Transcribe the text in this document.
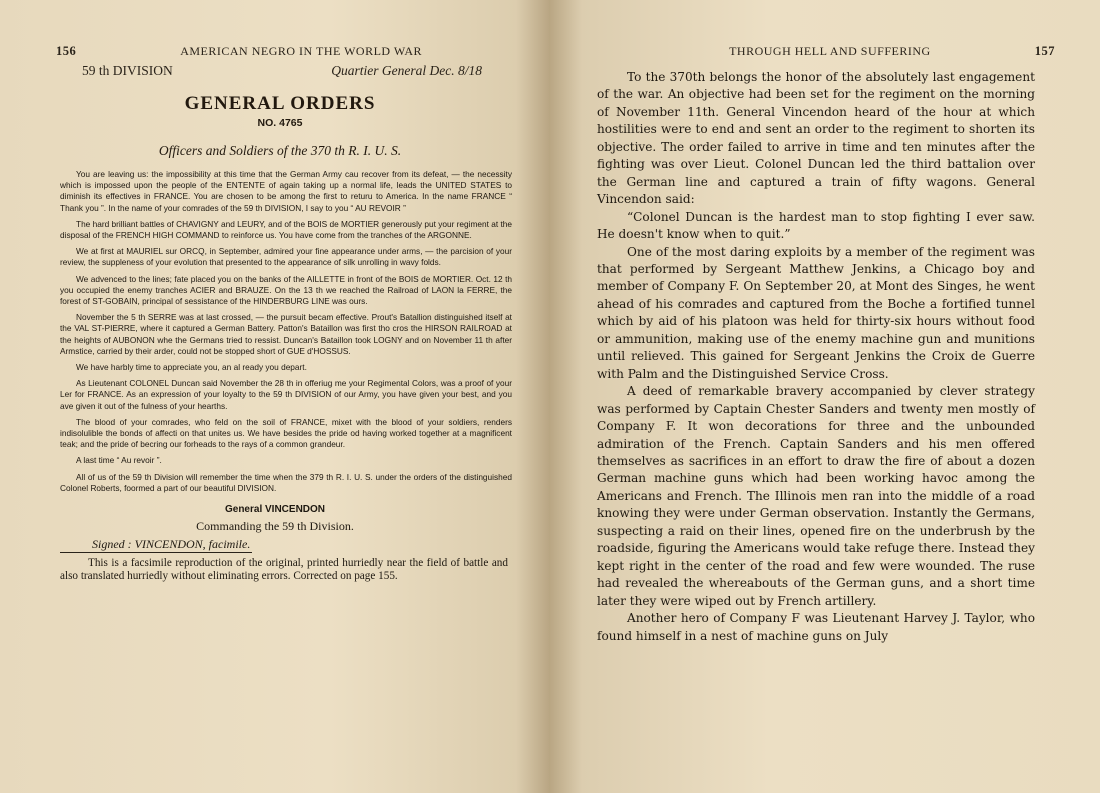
156	AMERICAN NEGRO IN THE WORLD WAR
59 th DIVISION	Quartier General Dec. 8/18
GENERAL ORDERS
NO. 4765
Officers and Soldiers of the 370 th R. I. U. S.

You are leaving us: the impossibility at this time that the German Army cau recover from its defeat, — the necessity which is impossed upon the people of the ENTENTE of again taking up a normal life, leads the UNITED STATES to diminish its effectives in FRANCE. You are chosen to be among the first to returu to America. In the name FRANCE “ Thank you ”. In the name of your comrades of the 59 th DIVISION, I say to you “ AU REVOIR ”

The hard brilliant battles of CHAVIGNY and LEURY, and of the BOIS de MORTIER generously put your regiment at the disposal of the FRENCH HIGH COMMAND to reinforce us. You have come from the tranches of the ARGONNE.

We at first at MAURIEL sur ORCQ, in September, admired your fine appearance under arms, — the parcision of your review, the suppleness of your evolution that presented to the appearance of silk unrolling in wavy folds.

We advenced to the lines; fate placed you on the banks of the AILLETTE in front of the BOIS de MORTIER. Oct. 12 th you occupied the enemy tranches ACIER and BRAUZE. On the 13 th we reached the Railroad of LAON la FERRE, the forest of ST-GOBAIN, principal of sessistance of the HINDERBURG LINE was ours.

November the 5 th SERRE was at last crossed, — the pursuit becam effective. Prout's Batallion distinguished itself at the VAL ST-PIERRE, where it captured a German Battery. Patton's Bataillon was first tho cros the HIRSON RAILROAD at the heights of AUBONON whe the Germans tried to ressist. Duncan's Bataillon took LOGNY and on November 11 th after Armstice, carried by their arder, could not be stopped short of GUE d'HOSSUS.

We have harbly time to appreciate you, an al ready you depart.

As Lieutenant COLONEL Duncan said November the 28 th in offeriug me your Regimental Colors, was a proof of your Ler for FRANCE. As an expression of your loyalty to the 59 th DIVISION of our Army, you have given your best, and you ave given it out of the fulness of your hearths.

The blood of your comrades, who feld on the soil of FRANCE, mixet with the blood of your soldiers, renders indisolulible the bonds of affecti on that unites us. We have besides the pride od having worked together at a magnificent teak; and the pride of becring our forheads to the rays of a common grandeur.

A last time “ Au revoir ”.

All of us of the 59 th Division will remember the time when the 379 th R. I. U. S. under the orders of the distinguished Colonel Roberts, foormed a part of our beautiful DIVISION.

General VINCENDON
Commanding the 59 th Division.
Signed : VINCENDON, facimile.

This is a facsimile reproduction of the original, printed hurriedly near the field of battle and also translated hurriedly without eliminating errors. Corrected on page 155.

THROUGH HELL AND SUFFERING	157

To the 370th belongs the honor of the absolutely last engagement of the war. An objective had been set for the regiment on the morning of November 11th. General Vincendon heard of the hour at which hostilities were to end and sent an order to the regiment to shorten its objective. The order failed to arrive in time and ten minutes after the fighting was over Lieut. Colonel Duncan led the third battalion over the German line and captured a train of fifty wagons. General Vincendon said:

“Colonel Duncan is the hardest man to stop fighting I ever saw. He doesn't know when to quit.”

One of the most daring exploits by a member of the regiment was that performed by Sergeant Matthew Jenkins, a Chicago boy and member of Company F. On September 20, at Mont des Singes, he went ahead of his comrades and captured from the Boche a fortified tunnel which by aid of his platoon was held for thirty-six hours without food or ammunition, making use of the enemy machine gun and munitions until relieved. This gained for Sergeant Jenkins the Croix de Guerre with Palm and the Distinguished Service Cross.

A deed of remarkable bravery accompanied by clever strategy was performed by Captain Chester Sanders and twenty men mostly of Company F. It won decorations for three and the unbounded admiration of the French. Captain Sanders and his men offered themselves as sacrifices in an effort to draw the fire of about a dozen German machine guns which had been working havoc among the Americans and French. The Illinois men ran into the middle of a road knowing they were under German observation. Instantly the Germans, suspecting a raid on their lines, opened fire on the underbrush by the roadside, figuring the Americans would take refuge there. Instead they kept right in the center of the road and few were wounded. The ruse had revealed the whereabouts of the German guns, and a short time later they were wiped out by French artillery.

Another hero of Company F was Lieutenant Harvey J. Taylor, who found himself in a nest of machine guns on July
